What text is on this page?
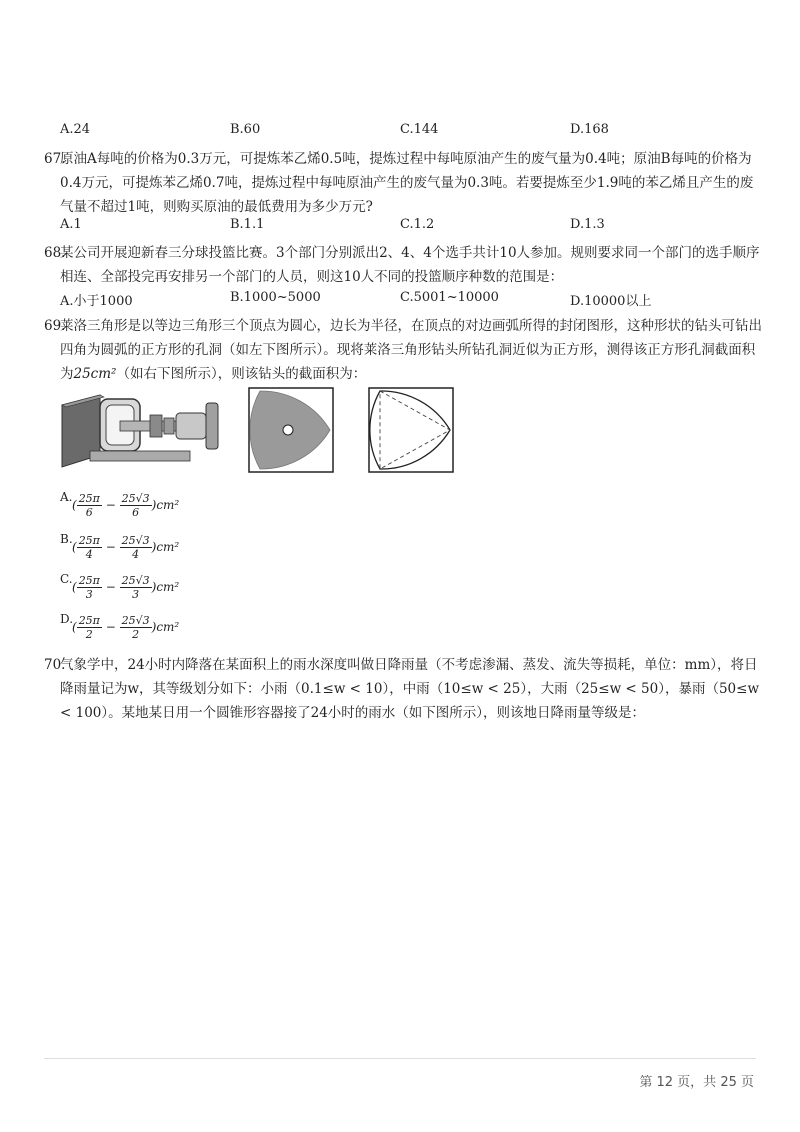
A.24	B.60	C.144	D.168
67.
原油A每吨的价格为0.3万元，可提炼苯乙烯0.5吨，提炼过程中每吨原油产生的废气量为0.4吨；原油B每吨的价格为0.4万元，可提炼苯乙烯0.7吨，提炼过程中每吨原油产生的废气量为0.3吨。若要提炼至少1.9吨的苯乙烯且产生的废气量不超过1吨，则购买原油的最低费用为多少万元?
A.1	B.1.1	C.1.2	D.1.3
68.
某公司开展迎新春三分球投篮比赛。3个部门分别派出2、4、4个选手共计10人参加。规则要求同一个部门的选手顺序相连、全部投完再安排另一个部门的人员，则这10人不同的投篮顺序种数的范围是：
A.小于1000	B.1000~5000	C.5001~10000	D.10000以上
69.
莱洛三角形是以等边三角形三个顶点为圆心，边长为半径，在顶点的对边画弧所得的封闭图形，这种形状的钻头可钻出四角为圆弧的正方形的孔洞（如左下图所示）。现将莱洛三角形钻头所钻孔洞近似为正方形，测得该正方形孔洞截面积为25cm²（如右下图所示），则该钻头的截面积为：
A.
( $\frac{25\pi}{6} - \frac{25√3}{6} )cm^2$
B.
( $\frac{25\pi}{4} - \frac{25√3}{4} )cm^2$
C.
( $\frac{25\pi}{3} - \frac{25√3}{3} )cm^2$
D.
( $\frac{25\pi}{2} - \frac{25√3}{2} )cm^2$
70.
气象学中，24小时内降落在某面积上的雨水深度叫做日降雨量（不考虑渗漏、蒸发、流失等损耗，单位：mm），将日降雨量记为w，其等级划分如下：小雨（0.1≤w < 10），中雨（10≤w < 25），大雨（25≤w < 50），暴雨（50≤w < 100）。某地某日用一个圆锥形容器接了24小时的雨水（如下图所示），则该地日降雨量等级是：
第 12 页，共 25 页
